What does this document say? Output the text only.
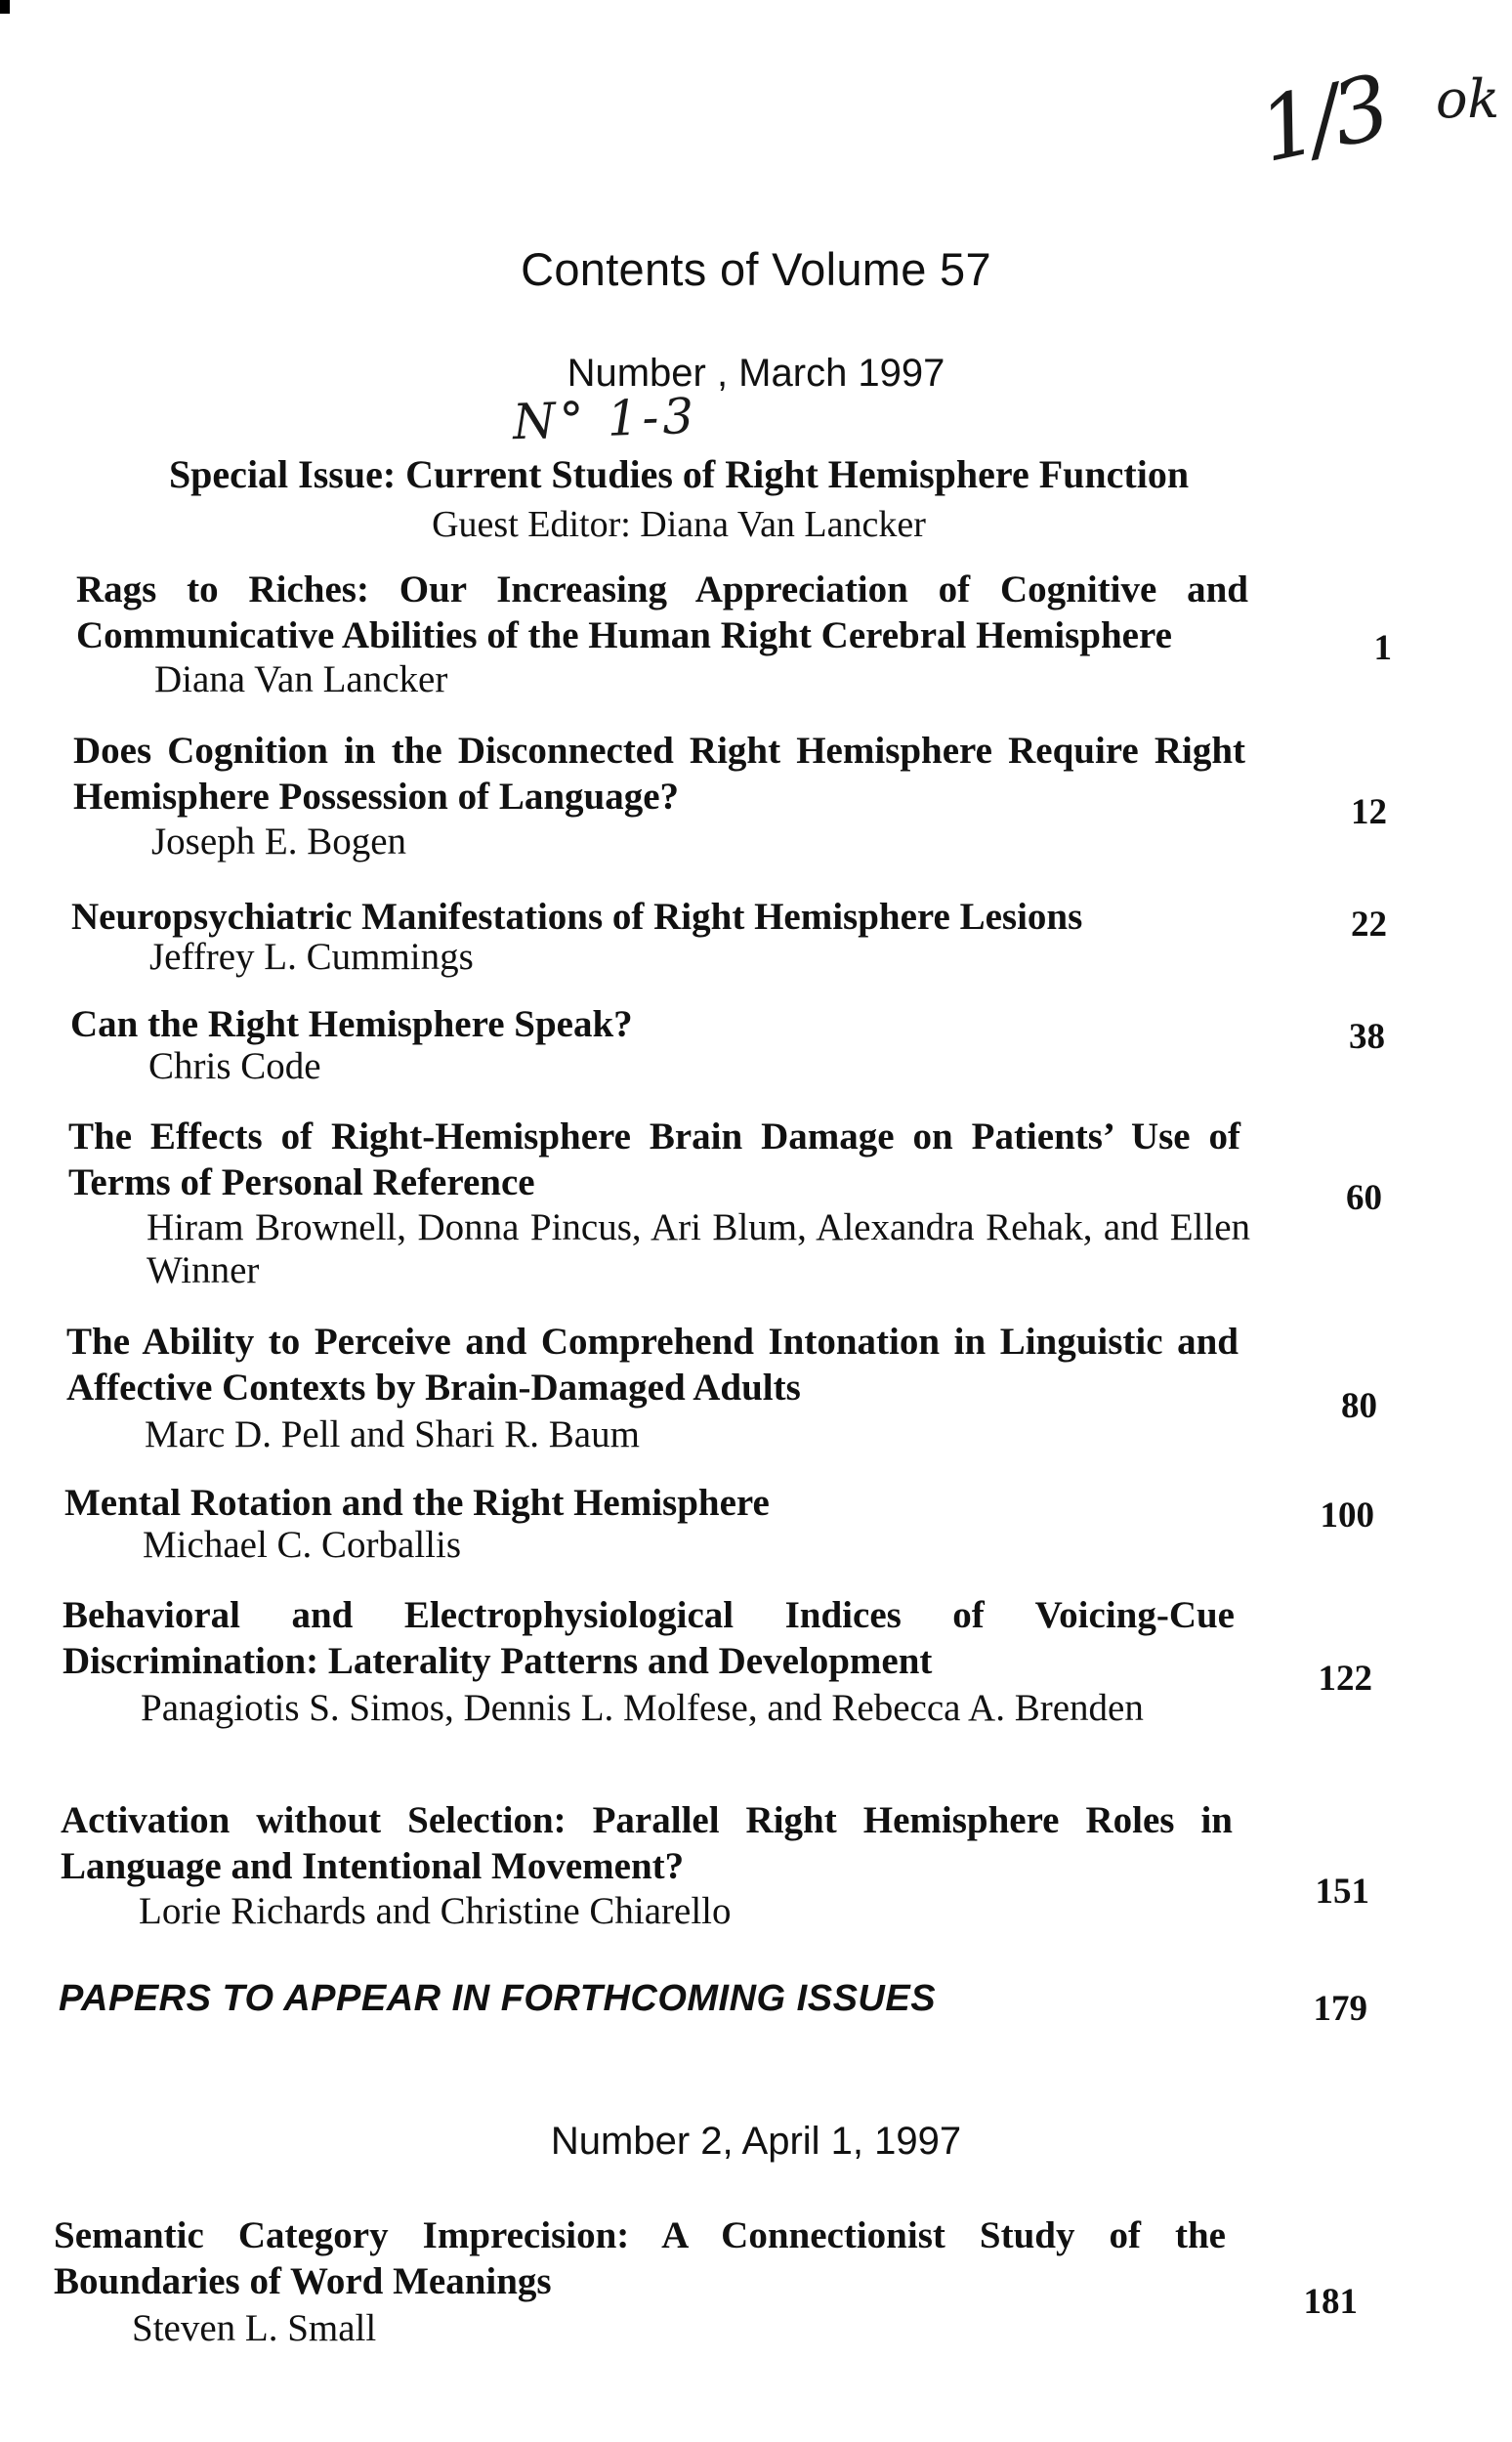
1/3 ok
Contents of Volume 57
Number , March 1997
N° 1-3
Special Issue: Current Studies of Right Hemisphere Function
Guest Editor: Diana Van Lancker
Rags to Riches: Our Increasing Appreciation of Cognitive and Communicative Abilities of the Human Right Cerebral Hemisphere
Diana Van Lancker
1
Does Cognition in the Disconnected Right Hemisphere Require Right Hemisphere Possession of Language?
Joseph E. Bogen
12
Neuropsychiatric Manifestations of Right Hemisphere Lesions
Jeffrey L. Cummings
22
Can the Right Hemisphere Speak?
Chris Code
38
The Effects of Right-Hemisphere Brain Damage on Patients’ Use of Terms of Personal Reference
Hiram Brownell, Donna Pincus, Ari Blum, Alexandra Rehak, and Ellen Winner
60
The Ability to Perceive and Comprehend Intonation in Linguistic and Affective Contexts by Brain-Damaged Adults
Marc D. Pell and Shari R. Baum
80
Mental Rotation and the Right Hemisphere
Michael C. Corballis
100
Behavioral and Electrophysiological Indices of Voicing-Cue Discrimination: Laterality Patterns and Development
Panagiotis S. Simos, Dennis L. Molfese, and Rebecca A. Brenden
122
Activation without Selection: Parallel Right Hemisphere Roles in Language and Intentional Movement?
Lorie Richards and Christine Chiarello	151
PAPERS TO APPEAR IN FORTHCOMING ISSUES	179
Number 2, April 1, 1997
Semantic Category Imprecision: A Connectionist Study of the Boundaries of Word Meanings
Steven L. Small
181
